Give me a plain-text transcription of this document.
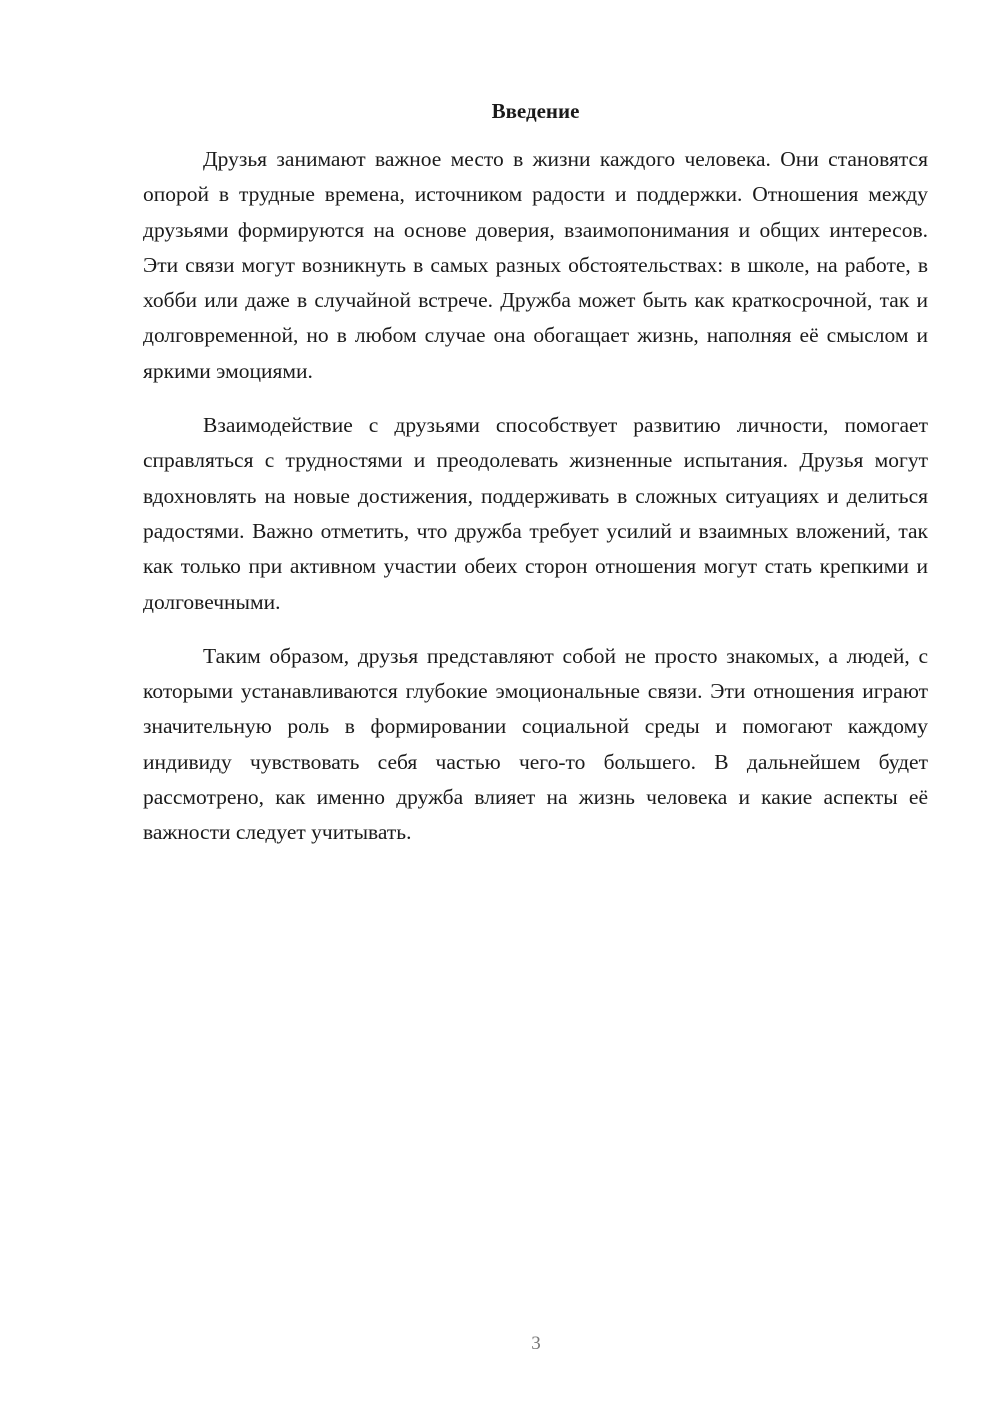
Введение

Друзья занимают важное место в жизни каждого человека. Они становятся опорой в трудные времена, источником радости и поддержки. Отношения между друзьями формируются на основе доверия, взаимопонимания и общих интересов. Эти связи могут возникнуть в самых разных обстоятельствах: в школе, на работе, в хобби или даже в случайной встрече. Дружба может быть как краткосрочной, так и долговременной, но в любом случае она обогащает жизнь, наполняя её смыслом и яркими эмоциями.

Взаимодействие с друзьями способствует развитию личности, помогает справляться с трудностями и преодолевать жизненные испытания. Друзья могут вдохновлять на новые достижения, поддерживать в сложных ситуациях и делиться радостями. Важно отметить, что дружба требует усилий и взаимных вложений, так как только при активном участии обеих сторон отношения могут стать крепкими и долговечными.

Таким образом, друзья представляют собой не просто знакомых, а людей, с которыми устанавливаются глубокие эмоциональные связи. Эти отношения играют значительную роль в формировании социальной среды и помогают каждому индивиду чувствовать себя частью чего-то большего. В дальнейшем будет рассмотрено, как именно дружба влияет на жизнь человека и какие аспекты её важности следует учитывать.

3
